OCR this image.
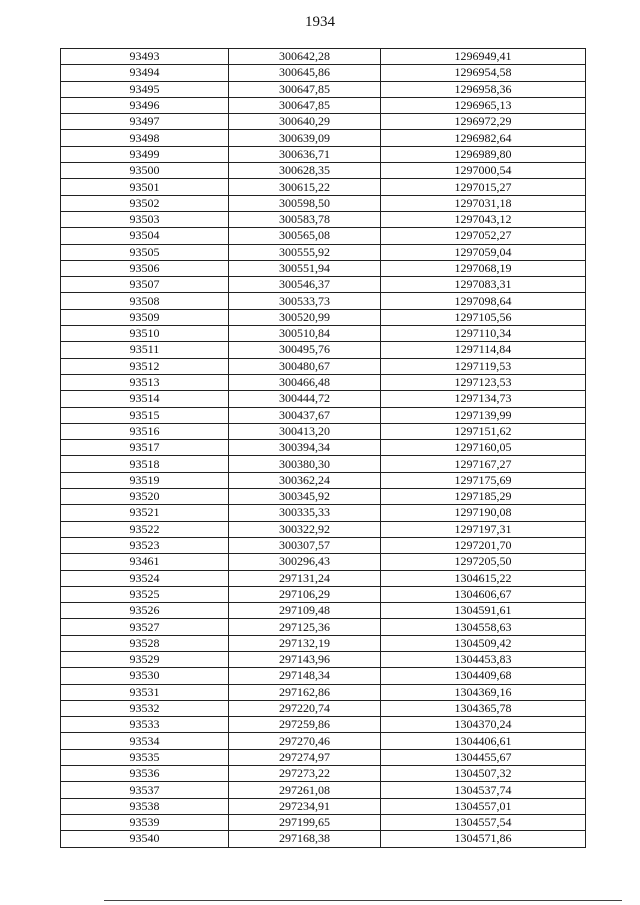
1934
93493	300642,28	1296949,41
93494	300645,86	1296954,58
93495	300647,85	1296958,36
93496	300647,85	1296965,13
93497	300640,29	1296972,29
93498	300639,09	1296982,64
93499	300636,71	1296989,80
93500	300628,35	1297000,54
93501	300615,22	1297015,27
93502	300598,50	1297031,18
93503	300583,78	1297043,12
93504	300565,08	1297052,27
93505	300555,92	1297059,04
93506	300551,94	1297068,19
93507	300546,37	1297083,31
93508	300533,73	1297098,64
93509	300520,99	1297105,56
93510	300510,84	1297110,34
93511	300495,76	1297114,84
93512	300480,67	1297119,53
93513	300466,48	1297123,53
93514	300444,72	1297134,73
93515	300437,67	1297139,99
93516	300413,20	1297151,62
93517	300394,34	1297160,05
93518	300380,30	1297167,27
93519	300362,24	1297175,69
93520	300345,92	1297185,29
93521	300335,33	1297190,08
93522	300322,92	1297197,31
93523	300307,57	1297201,70
93461	300296,43	1297205,50
93524	297131,24	1304615,22
93525	297106,29	1304606,67
93526	297109,48	1304591,61
93527	297125,36	1304558,63
93528	297132,19	1304509,42
93529	297143,96	1304453,83
93530	297148,34	1304409,68
93531	297162,86	1304369,16
93532	297220,74	1304365,78
93533	297259,86	1304370,24
93534	297270,46	1304406,61
93535	297274,97	1304455,67
93536	297273,22	1304507,32
93537	297261,08	1304537,74
93538	297234,91	1304557,01
93539	297199,65	1304557,54
93540	297168,38	1304571,86
